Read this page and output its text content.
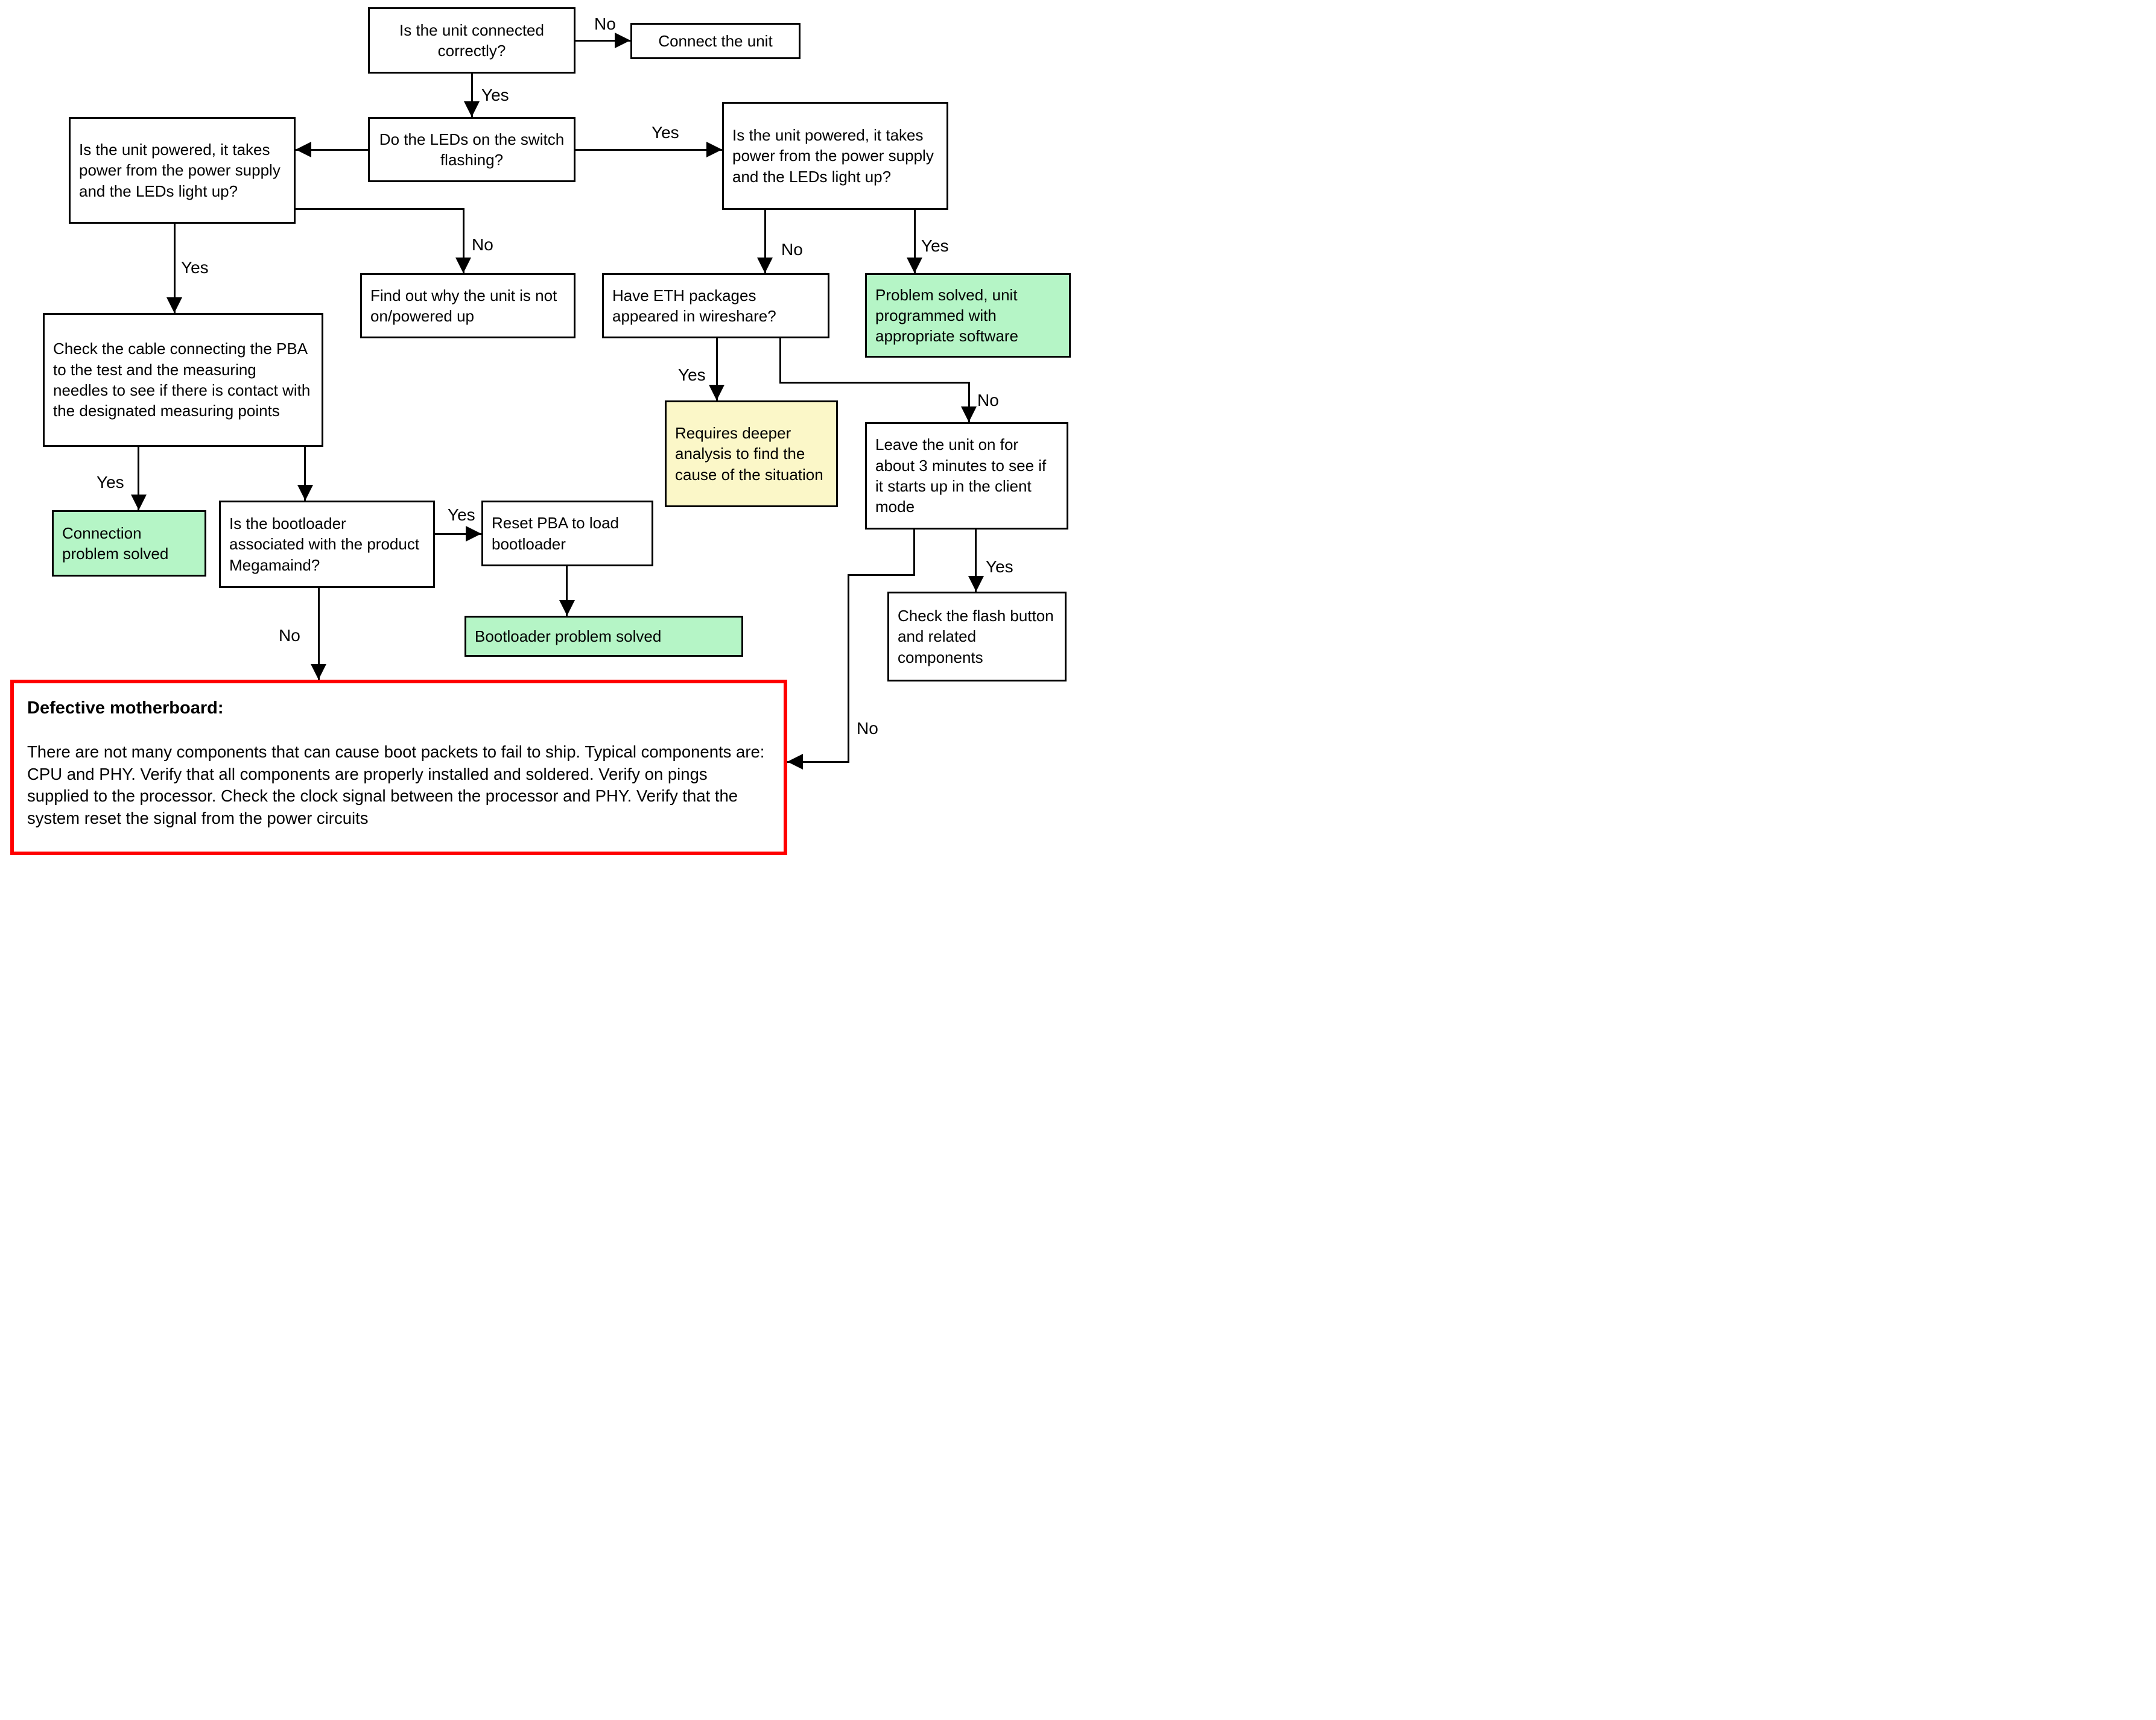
Is the unit connected correctly?
Connect the unit
Do the LEDs on the switch flashing?
Is the unit powered, it takes power from the power supply and the LEDs light up?
Is the unit powered, it takes power from the power supply and the LEDs light up?
Find out why the unit is not on/powered up
Have ETH packages appeared in wireshare?
Problem solved, unit programmed with appropriate software
Requires deeper analysis to find the cause of the situation
Leave the unit on for about 3 minutes to see if it starts up in the client mode
Check the cable connecting the PBA to the test and the measuring needles to see if there is contact with the designated measuring points
Connection problem solved
Is the bootloader associated with the product Megamaind?
Reset PBA to load bootloader
Bootloader problem solved
Check the flash button and related components
Defective motherboard:
There are not many components that can cause boot packets to fail to ship. Typical components are: CPU and PHY. Verify that all components are properly installed and soldered. Verify on pings supplied to the processor. Check the clock signal between the processor and PHY. Verify that the system reset the signal from the power circuits
No
Yes
Yes
No
Yes
No	Yes
Yes
No
Yes
No
Yes
Yes
No
